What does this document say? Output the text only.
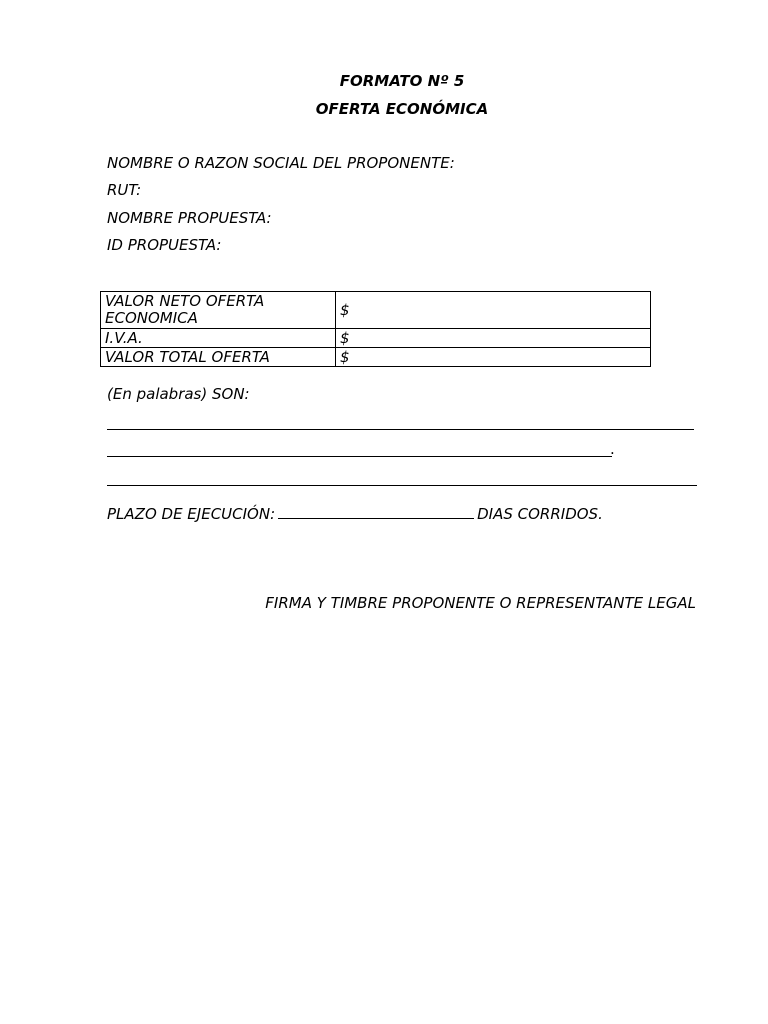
FORMATO Nº 5
OFERTA ECONÓMICA
NOMBRE O RAZON SOCIAL DEL PROPONENTE:
RUT:
NOMBRE PROPUESTA:
ID PROPUESTA:
VALOR NETO OFERTA ECONOMICA	$
I.V.A.	$
VALOR TOTAL OFERTA	$
(En palabras) SON:
.
PLAZO DE EJECUCIÓN:	DIAS CORRIDOS.
FIRMA Y TIMBRE PROPONENTE O REPRESENTANTE LEGAL
